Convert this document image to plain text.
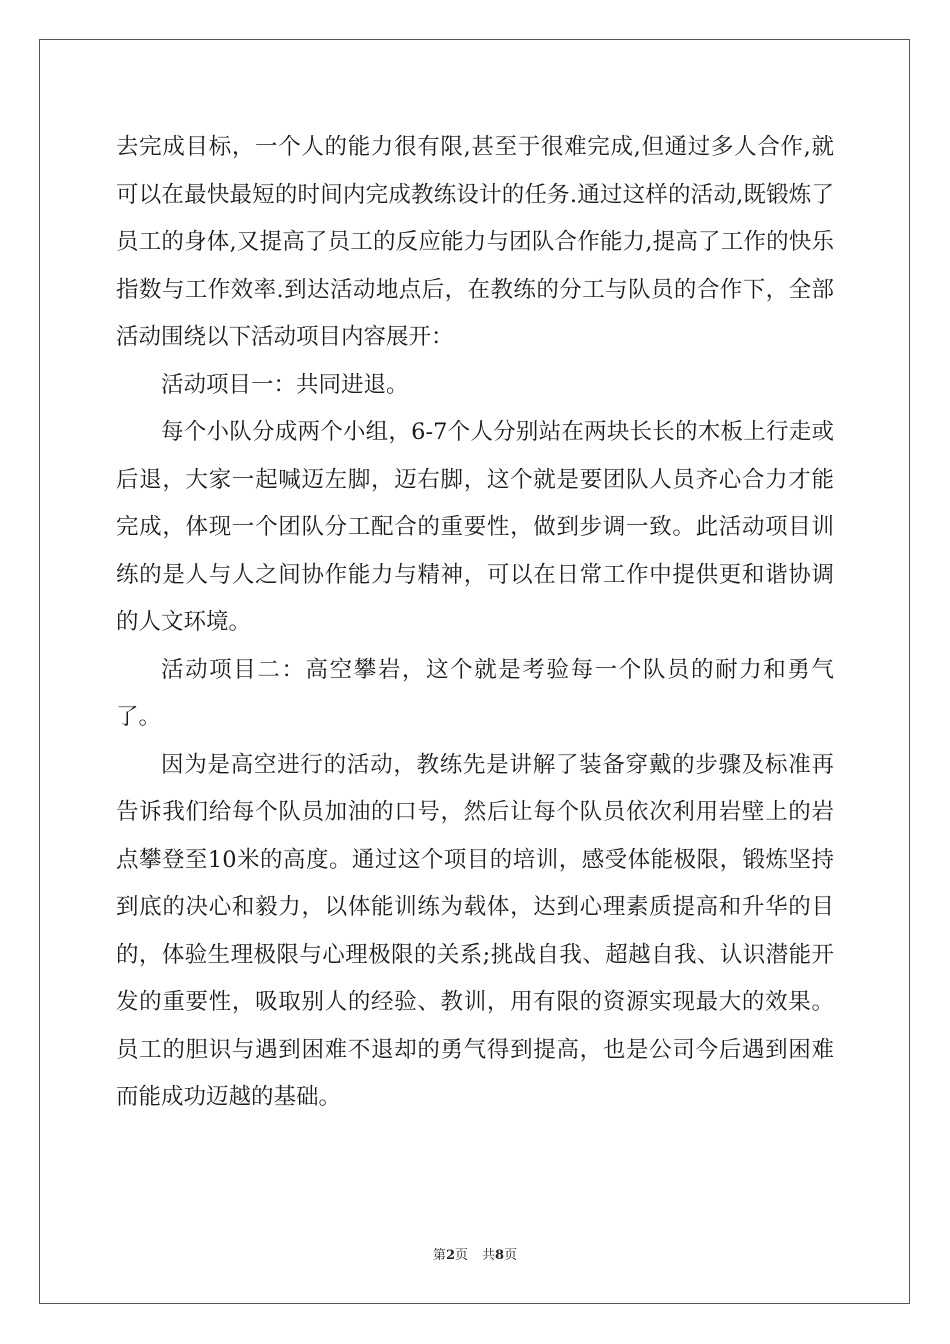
去完成目标，一个人的能力很有限,甚至于很难完成,但通过多人合作,就可以在最快最短的时间内完成教练设计的任务.通过这样的活动,既锻炼了员工的身体,又提高了员工的反应能力与团队合作能力,提高了工作的快乐指数与工作效率.到达活动地点后，在教练的分工与队员的合作下，全部活动围绕以下活动项目内容展开：

活动项目一：共同进退。

每个小队分成两个小组，6-7个人分别站在两块长长的木板上行走或后退，大家一起喊迈左脚，迈右脚，这个就是要团队人员齐心合力才能完成，体现一个团队分工配合的重要性，做到步调一致。此活动项目训练的是人与人之间协作能力与精神，可以在日常工作中提供更和谐协调的人文环境。

活动项目二：高空攀岩，这个就是考验每一个队员的耐力和勇气了。

因为是高空进行的活动，教练先是讲解了装备穿戴的步骤及标准再告诉我们给每个队员加油的口号，然后让每个队员依次利用岩壁上的岩点攀登至10米的高度。通过这个项目的培训，感受体能极限，锻炼坚持到底的决心和毅力，以体能训练为载体，达到心理素质提高和升华的目的，体验生理极限与心理极限的关系;挑战自我、超越自我、认识潜能开发的重要性，吸取别人的经验、教训，用有限的资源实现最大的效果。员工的胆识与遇到困难不退却的勇气得到提高，也是公司今后遇到困难而能成功迈越的基础。

第2页 共8页
